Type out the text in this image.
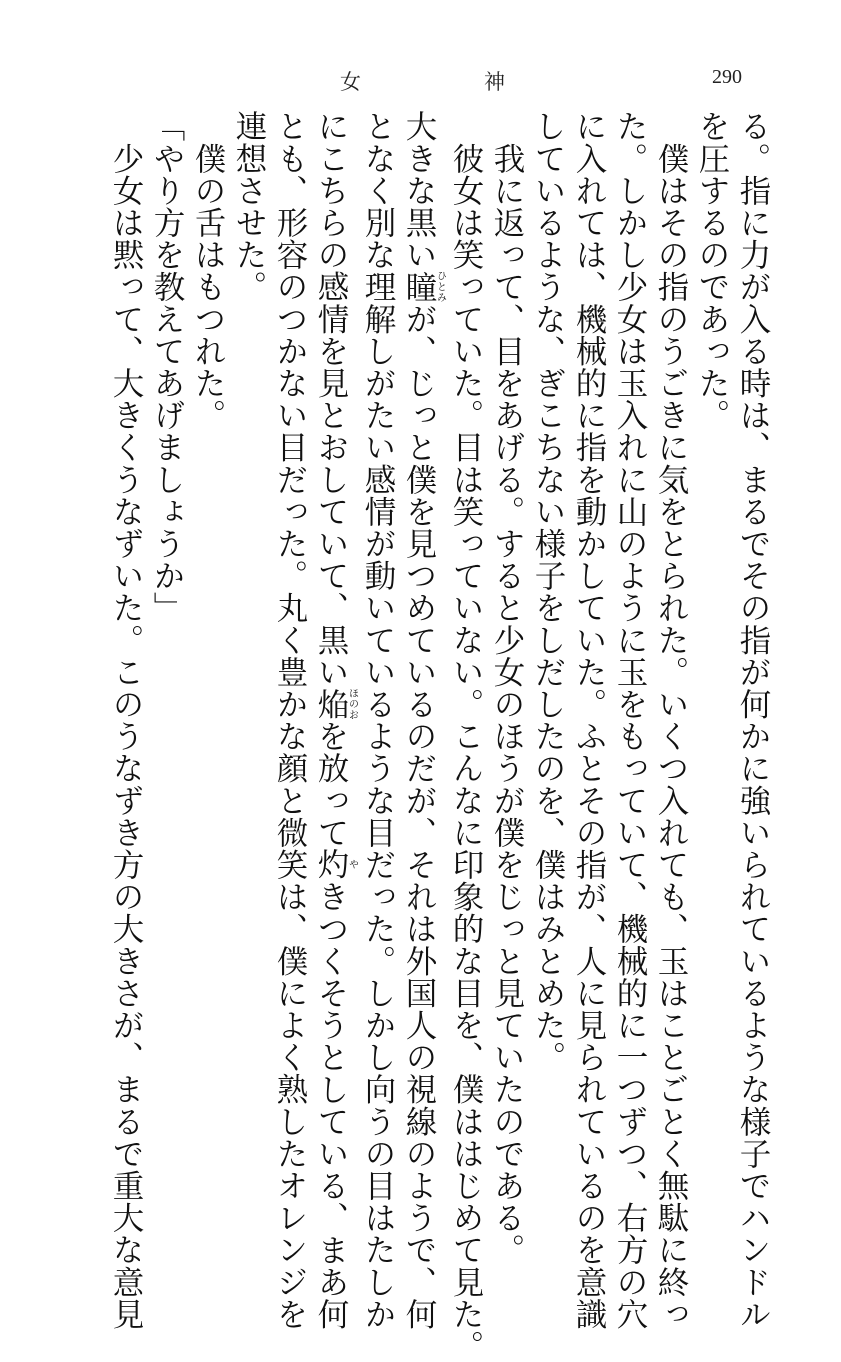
女	神	290
る。指に力が入る時は、まるでその指が何かに強いられているような様子でハンドル
を圧するのであった。
　僕はその指のうごきに気をとられた。いくつ入れても、玉はことごとく無駄に終っ
た。しかし少女は玉入れに山のように玉をもっていて、機械的に一つずつ、右方の穴
に入れては、機械的に指を動かしていた。ふとその指が、人に見られているのを意識
しているような、ぎこちない様子をしだしたのを、僕はみとめた。
　我に返って、目をあげる。すると少女のほうが僕をじっと見ていたのである。
　彼女は笑っていた。目は笑っていない。こんなに印象的な目を、僕ははじめて見た。
大きな黒い瞳ひとみが、じっと僕を見つめているのだが、それは外国人の視線のようで、何
となく別な理解しがたい感情が動いているような目だった。しかし向うの目はたしか
にこちらの感情を見とおしていて、黒い焔ほのおを放って灼やきつくそうとしている、まあ何
とも、形容のつかない目だった。丸く豊かな顔と微笑は、僕によく熟したオレンジを
連想させた。
　僕の舌はもつれた。
「やり方を教えてあげましょうか」
　少女は黙って、大きくうなずいた。このうなずき方の大きさが、まるで重大な意見
